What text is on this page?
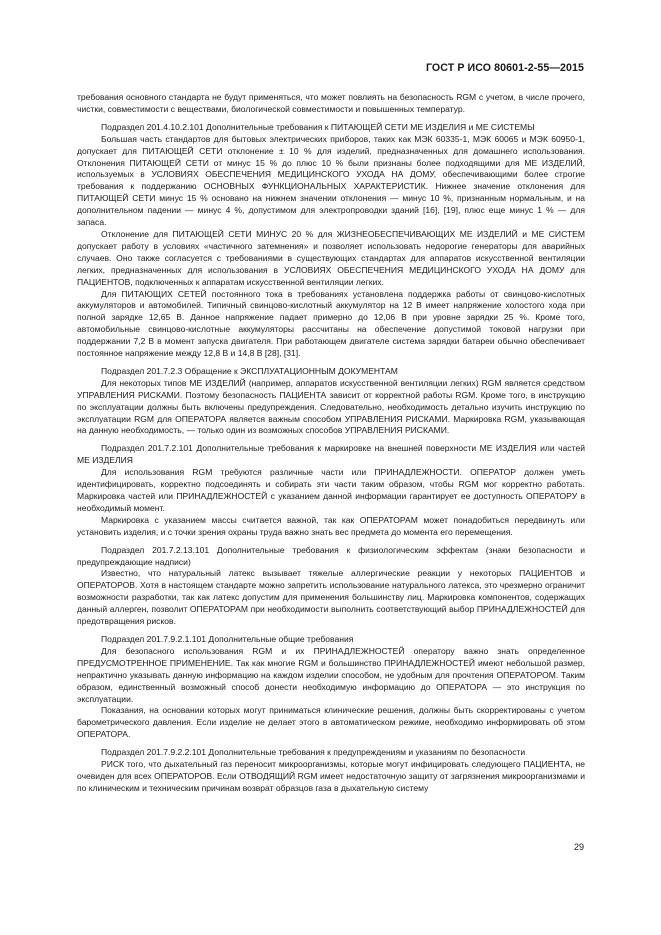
ГОСТ Р ИСО 80601-2-55—2015

требования основного стандарта не будут применяться, что может повлиять на безопасность RGM с учетом, в числе прочего, чистки, совместимости с веществами, биологической совместимости и повышенных температур.

Подраздел 201.4.10.2.101 Дополнительные требования к ПИТАЮЩЕЙ СЕТИ ME ИЗДЕЛИЯ и ME СИСТЕМЫ

Большая часть стандартов для бытовых электрических приборов, таких как МЭК 60335-1, МЭК 60065 и МЭК 60950-1, допускает для ПИТАЮЩЕЙ СЕТИ отклонение ± 10 % для изделий, предназначенных для домашнего использования. Отклонения ПИТАЮЩЕЙ СЕТИ от минус 15 % до плюс 10 % были признаны более подходящими для ME ИЗДЕЛИЙ, используемых в УСЛОВИЯХ ОБЕСПЕЧЕНИЯ МЕДИЦИНСКОГО УХОДА НА ДОМУ, обеспечивающими более строгие требования к поддержанию ОСНОВНЫХ ФУНКЦИОНАЛЬНЫХ ХАРАКТЕРИСТИК. Нижнее значение отклонения для ПИТАЮЩЕЙ СЕТИ минус 15 % основано на нижнем значении отклонения — минус 10 %, признанным нормальным, и на дополнительном падении — минус 4 %, допустимом для электропроводки зданий [16], [19], плюс еще минус 1 % — для запаса.

Отклонение для ПИТАЮЩЕЙ СЕТИ МИНУС 20 % для ЖИЗНЕОБЕСПЕЧИВАЮЩИХ ME ИЗДЕЛИЙ и ME СИСТЕМ допускает работу в условиях «частичного затемнения» и позволяет использовать недорогие генераторы для аварийных случаев. Оно также согласуется с требованиями в существующих стандартах для аппаратов искусственной вентиляции легких, предназначенных для использования в УСЛОВИЯХ ОБЕСПЕЧЕНИЯ МЕДИЦИНСКОГО УХОДА НА ДОМУ для ПАЦИЕНТОВ, подключенных к аппаратам искусственной вентиляции легких.

Для ПИТАЮЩИХ СЕТЕЙ постоянного тока в требованиях установлена поддержка работы от свинцово-кислотных аккумуляторов и автомобилей. Типичный свинцово-кислотный аккумулятор на 12 В имеет напряжение холостого хода при полной зарядке 12,65 В. Данное напряжение падает примерно до 12,06 В при уровне зарядки 25 %. Кроме того, автомобильные свинцово-кислотные аккумуляторы рассчитаны на обеспечение допустимой токовой нагрузки при поддержании 7,2 В в момент запуска двигателя. При работающем двигателе система зарядки батареи обычно обеспечивает постоянное напряжение между 12,8 В и 14,8 В [28], [31].

Подраздел 201.7.2.3 Обращение к ЭКСПЛУАТАЦИОННЫМ ДОКУМЕНТАМ

Для некоторых типов ME ИЗДЕЛИЙ (например, аппаратов искусственной вентиляции легких) RGM является средством УПРАВЛЕНИЯ РИСКАМИ. Поэтому безопасность ПАЦИЕНТА зависит от корректной работы RGM. Кроме того, в инструкцию по эксплуатации должны быть включены предупреждения. Следовательно, необходимость детально изучить инструкцию по эксплуатации RGM для ОПЕРАТОРА является важным способом УПРАВЛЕНИЯ РИСКАМИ. Маркировка RGM, указывающая на данную необходимость, — только один из возможных способов УПРАВЛЕНИЯ РИСКАМИ.

Подраздел 201.7.2.101 Дополнительные требования к маркировке на внешней поверхности ME ИЗДЕЛИЯ или частей ME ИЗДЕЛИЯ

Для использования RGM требуются различные части или ПРИНАДЛЕЖНОСТИ. ОПЕРАТОР должен уметь идентифицировать, корректно подсоединять и собирать эти части таким образом, чтобы RGM мог корректно работать. Маркировка частей или ПРИНАДЛЕЖНОСТЕЙ с указанием данной информации гарантирует ее доступность ОПЕРАТОРУ в необходимый момент.

Маркировка с указанием массы считается важной, так как ОПЕРАТОРАМ может понадобиться передвинуть или установить изделия, и с точки зрения охраны труда важно знать вес предмета до момента его перемещения.

Подраздел 201.7.2.13.101 Дополнительные требования к физиологическим эффектам (знаки безопасности и предупреждающие надписи)

Известно, что натуральный латекс вызывает тяжелые аллергические реакции у некоторых ПАЦИЕНТОВ и ОПЕРАТОРОВ. Хотя в настоящем стандарте можно запретить использование натурального латекса, это чрезмерно ограничит возможности разработки, так как латекс допустим для применения большинству лиц. Маркировка компонентов, содержащих данный аллерген, позволит ОПЕРАТОРАМ при необходимости выполнить соответствующий выбор ПРИНАДЛЕЖНОСТЕЙ для предотвращения рисков.

Подраздел 201.7.9.2.1.101 Дополнительные общие требования

Для безопасного использования RGM и их ПРИНАДЛЕЖНОСТЕЙ оператору важно знать определенное ПРЕДУСМОТРЕННОЕ ПРИМЕНЕНИЕ. Так как многие RGM и большинство ПРИНАДЛЕЖНОСТЕЙ имеют небольшой размер, непрактично указывать данную информацию на каждом изделии способом, не удобным для прочтения ОПЕРАТОРОМ. Таким образом, единственный возможный способ донести необходимую информацию до ОПЕРАТОРА — это инструкция по эксплуатации.

Показания, на основании которых могут приниматься клинические решения, должны быть скорректированы с учетом барометрического давления. Если изделие не делает этого в автоматическом режиме, необходимо информировать об этом ОПЕРАТОРА.

Подраздел 201.7.9.2.2.101 Дополнительные требования к предупреждениям и указаниям по безопасности

РИСК того, что дыхательный газ переносит микроорганизмы, которые могут инфицировать следующего ПАЦИЕНТА, не очевиден для всех ОПЕРАТОРОВ. Если ОТВОДЯЩИЙ RGM имеет недостаточную защиту от загрязнения микроорганизмами и по клиническим и техническим причинам возврат образцов газа в дыхательную систему

29
